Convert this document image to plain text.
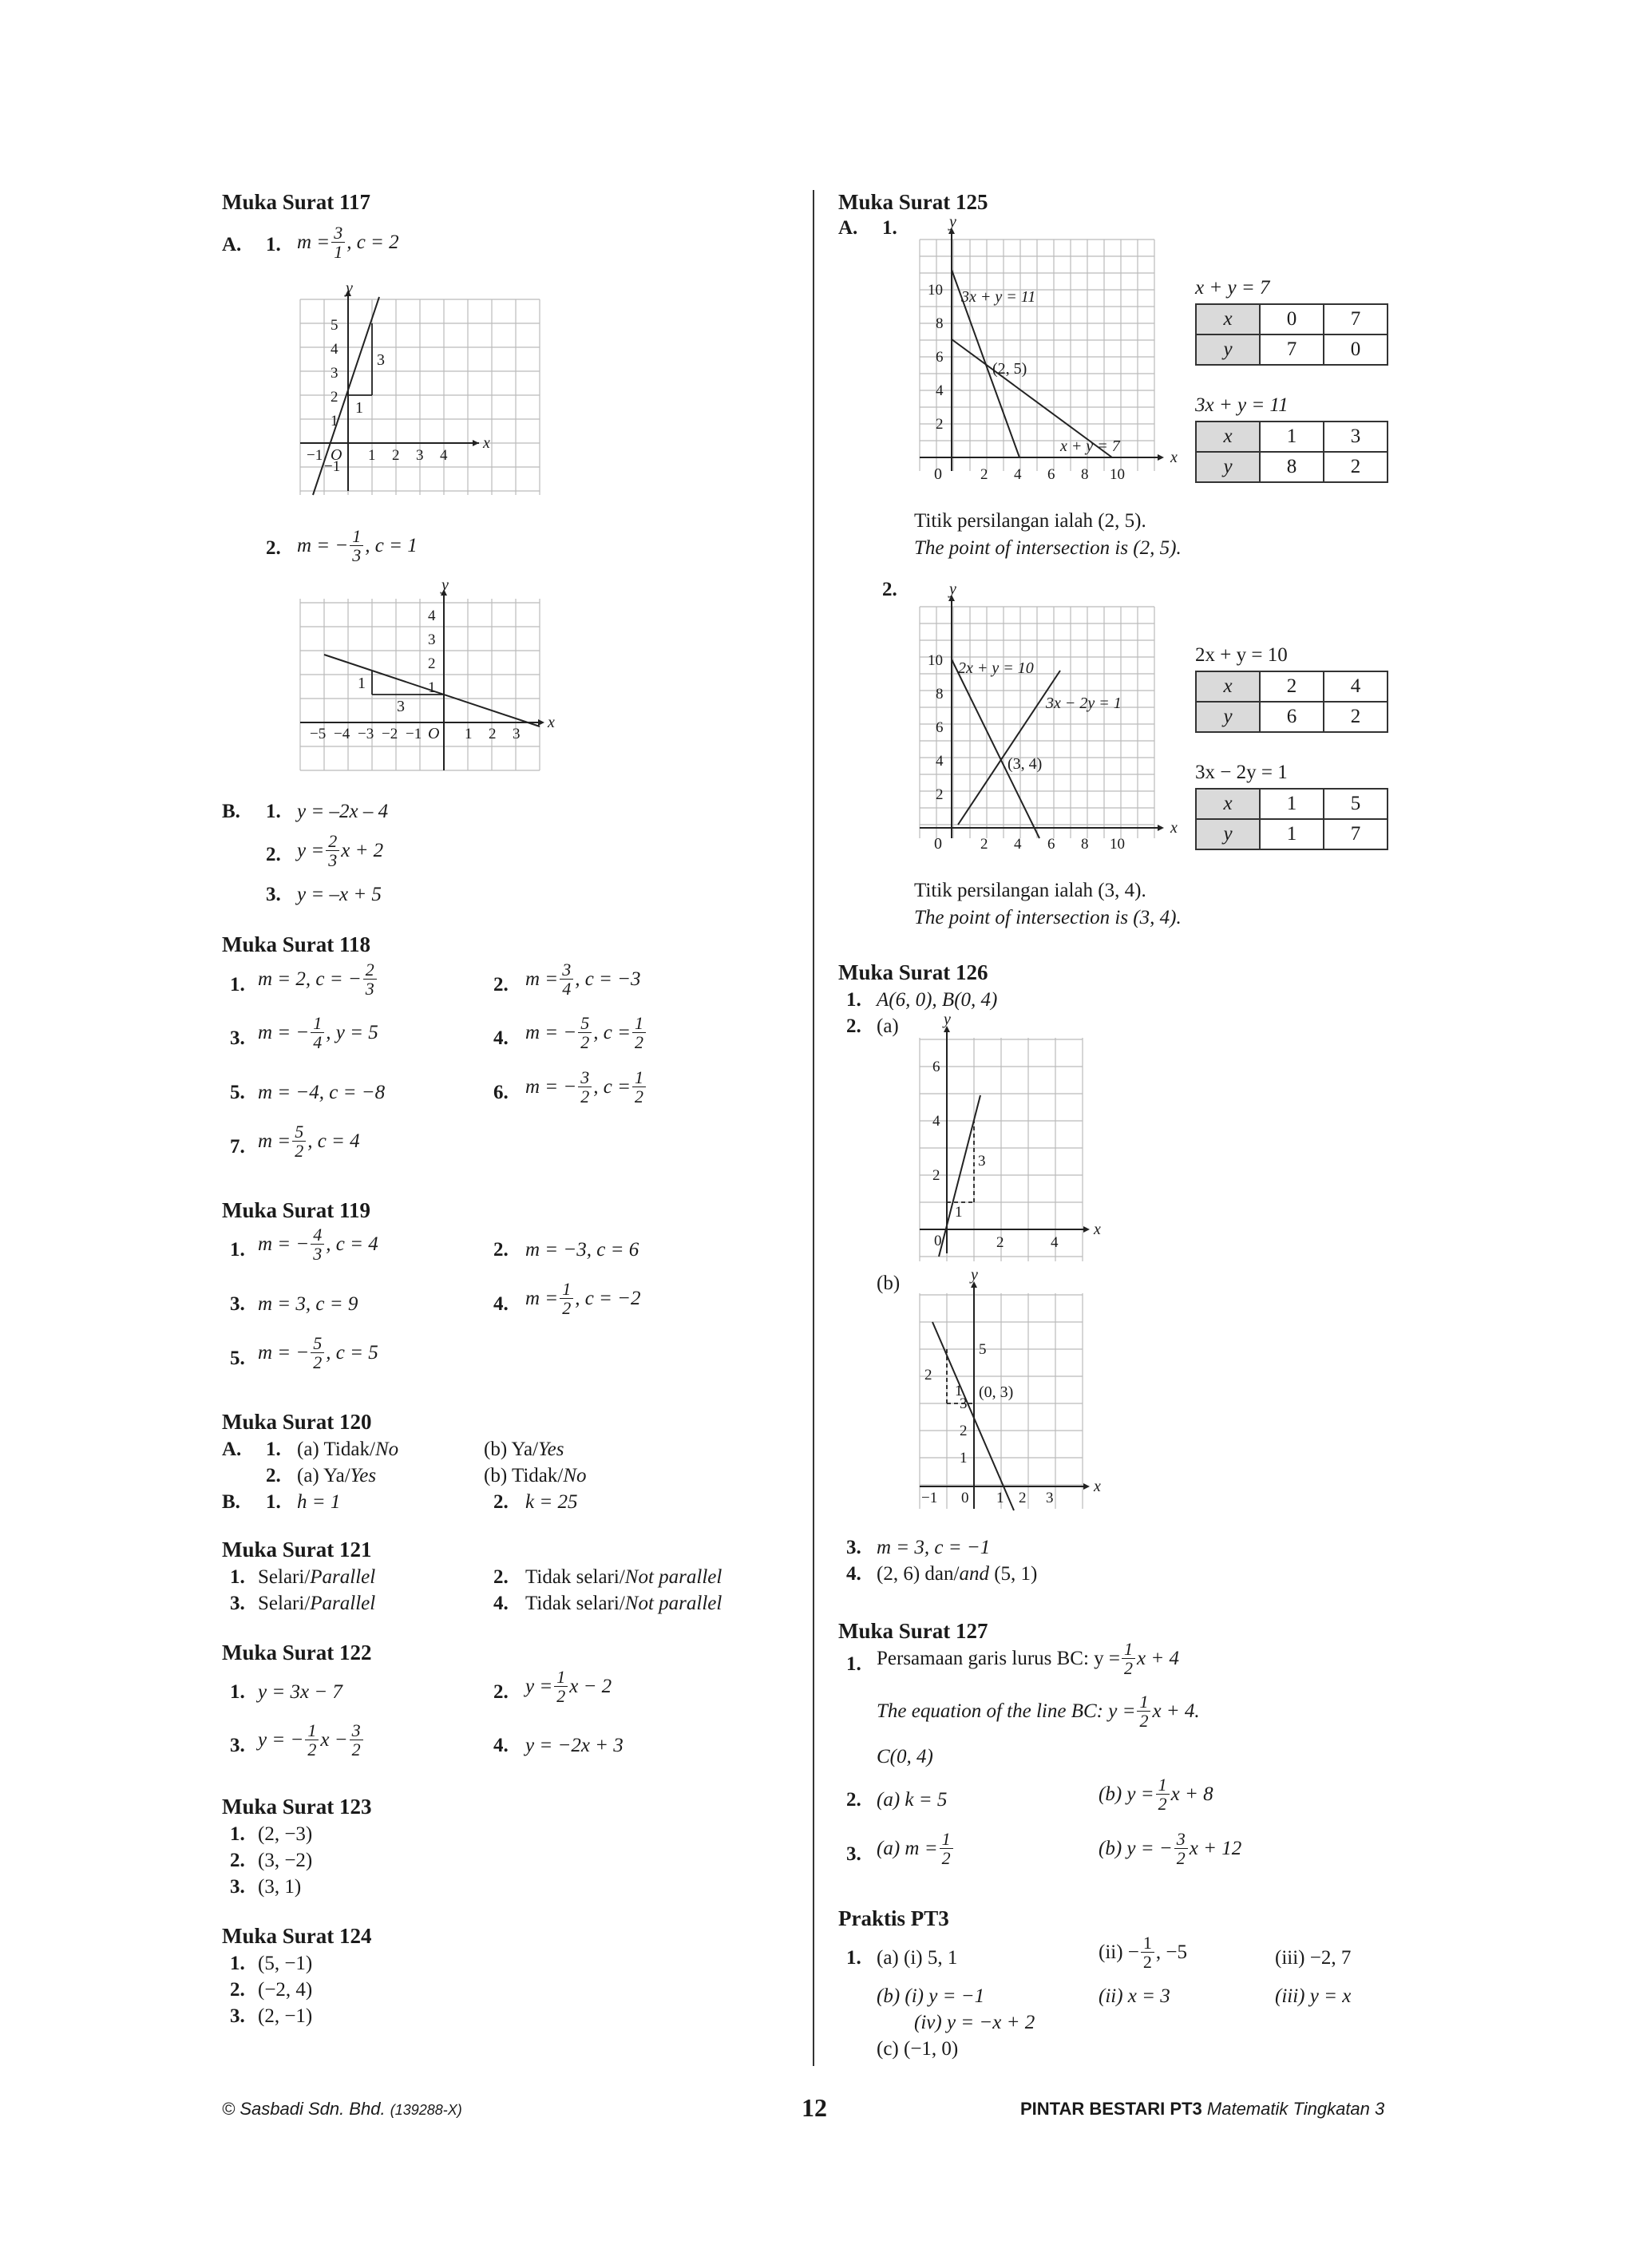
Muka Surat 117
A. 1. $m = \frac{3}{1}$ , c = 2
y
x
O
5
4
3
2
1
−1
−1	1 2 3 4
3
1
2. m = − $\frac{1}{3}$ , c = 1
y
x
O
4
3
2
1
−5 −4 −3 −2 −1	1 2 3
1
3
B. 1. y = –2x – 4
2. $y = \frac{2}{3}$ x + 2
3. y = –x + 5
Muka Surat 118
1. m = 2, c = − $\frac{2}{3}$	2. $m = \frac{3}{4}$ , c = −3
3. m = − $\frac{1}{4}$ , y = 5	4. m = − $\frac{5}{2}$ , $c = \frac{1}{2}$
5. m = −4, c = −8	6. m = − $\frac{3}{2}$ , $c = \frac{1}{2}$
7. $m = \frac{5}{2}$ , c = 4
Muka Surat 119
1. m = − $\frac{4}{3}$ , c = 4	2. m = −3, c = 6
3. m = 3, c = 9	4. $m = \frac{1}{2}$ , c = −2
5. m = − $\frac{5}{2}$ , c = 5
Muka Surat 120
A. 1. (a) Tidak/No	(b) Ya/Yes
2. (a) Ya/Yes	(b) Tidak/No
B. 1. h = 1	2. k = 25
Muka Surat 121
1. Selari/Parallel	2. Tidak selari/Not parallel
3. Selari/Parallel	4. Tidak selari/Not parallel
Muka Surat 122
1. y = 3x − 7	2. $y = \frac{1}{2}$ x − 2
3. y = − $\frac{1}{2}$ $x - \frac{3}{2}$	4. y = −2x + 3
Muka Surat 123
1. (2, −3)
2. (3, −2)
3. (3, 1)
Muka Surat 124
1. (5, −1)
2. (−2, 4)
3. (2, −1)
Muka Surat 125
A. 1.	y
x
0
10
8
6
4
2
2 4 6 8 10
3x + y = 11
x + y = 7
(2, 5)
x + y = 7
x	0	7
y	7	0
3x + y = 11
x	1	3
y	8	2
Titik persilangan ialah (2, 5).
The point of intersection is (2, 5).
2.	y
x
0
10
8
6
4
2
2 4 6 8 10
2x + y = 10
3x − 2y = 1
(3, 4)
2x + y = 10
x	2	4
y	6	2
3x − 2y = 1
x	1	5
y	1	7
Titik persilangan ialah (3, 4).
The point of intersection is (3, 4).
Muka Surat 126
1. A(6, 0), B(0, 4)
2. (a)	y
x
0
6
4
2
2	4
3
1
(b)	y
x
0
5
3
2
1
−1	1 2 3
2
1 (0, 3)
3. m = 3, c = −1
4. (2, 6) dan/and (5, 1)
Muka Surat 127
1. Persamaan garis lurus BC: $y = \frac{1}{2}$ x + 4
The equation of the line BC: $y = \frac{1}{2}$ x + 4.
C(0, 4)
2. (a) k = 5	(b) $y = \frac{1}{2}$ x + 8
3. (a) $m = \frac{1}{2}$	(b) y = − $\frac{3}{2}$ x + 12
Praktis PT3
1. (a) (i) 5, 1	$(ii) - \frac{1}{2}$ , −5	(iii) −2, 7
(b) (i) y = −1	(ii) x = 3	(iii) y = x
(iv) y = −x + 2
(c) (−1, 0)
© Sasbadi Sdn. Bhd. (139288-X)	12	PINTAR BESTARI PT3 Matematik Tingkatan 3
